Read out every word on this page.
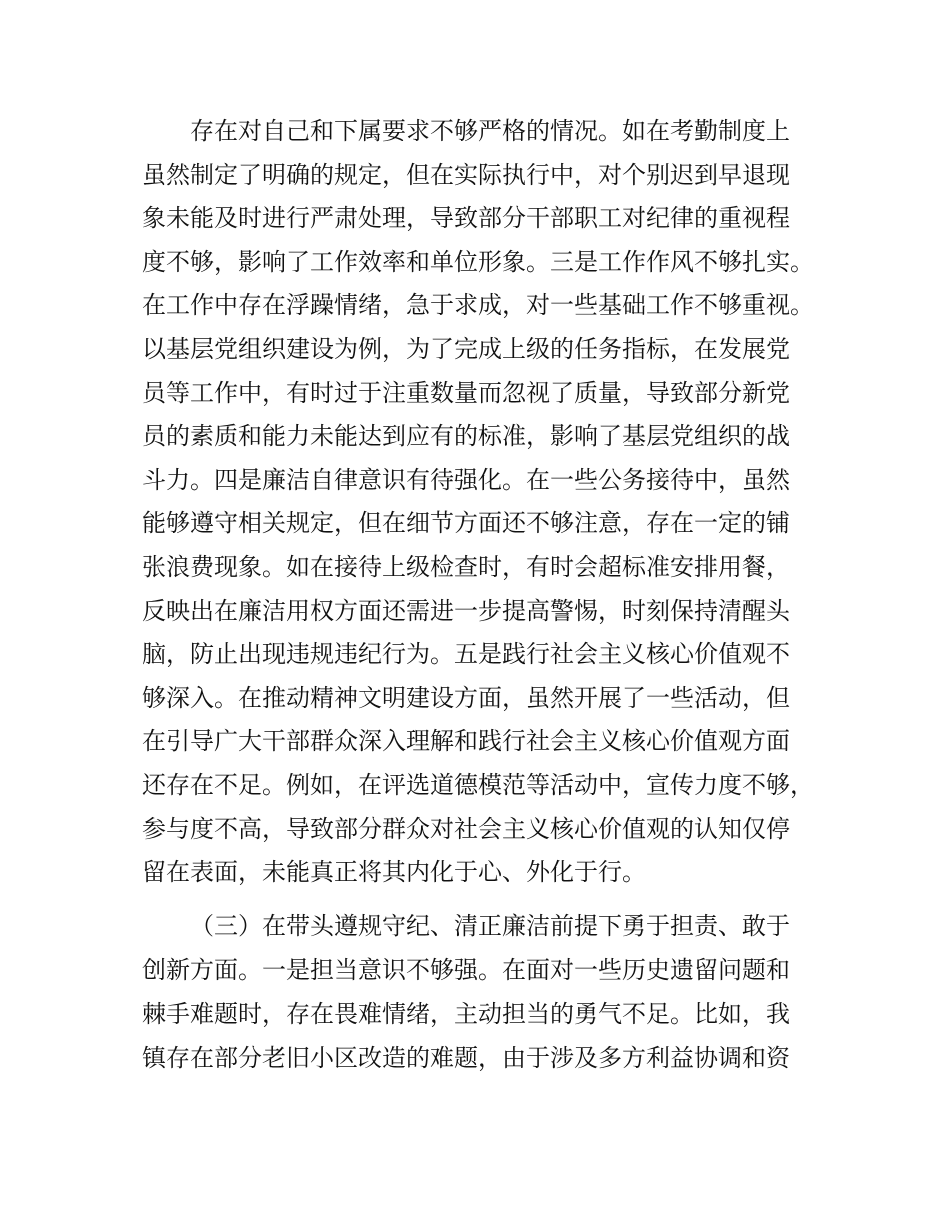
存在对自己和下属要求不够严格的情况。如在考勤制度上
虽然制定了明确的规定，但在实际执行中，对个别迟到早退现
象未能及时进行严肃处理，导致部分干部职工对纪律的重视程
度不够，影响了工作效率和单位形象。三是工作作风不够扎实。
在工作中存在浮躁情绪，急于求成，对一些基础工作不够重视。
以基层党组织建设为例，为了完成上级的任务指标，在发展党
员等工作中，有时过于注重数量而忽视了质量，导致部分新党
员的素质和能力未能达到应有的标准，影响了基层党组织的战
斗力。四是廉洁自律意识有待强化。在一些公务接待中，虽然
能够遵守相关规定，但在细节方面还不够注意，存在一定的铺
张浪费现象。如在接待上级检查时，有时会超标准安排用餐，
反映出在廉洁用权方面还需进一步提高警惕，时刻保持清醒头
脑，防止出现违规违纪行为。五是践行社会主义核心价值观不
够深入。在推动精神文明建设方面，虽然开展了一些活动，但
在引导广大干部群众深入理解和践行社会主义核心价值观方面
还存在不足。例如，在评选道德模范等活动中，宣传力度不够，
参与度不高，导致部分群众对社会主义核心价值观的认知仅停
留在表面，未能真正将其内化于心、外化于行。
（三）在带头遵规守纪、清正廉洁前提下勇于担责、敢于
创新方面。一是担当意识不够强。在面对一些历史遗留问题和
棘手难题时，存在畏难情绪，主动担当的勇气不足。比如，我
镇存在部分老旧小区改造的难题，由于涉及多方利益协调和资
